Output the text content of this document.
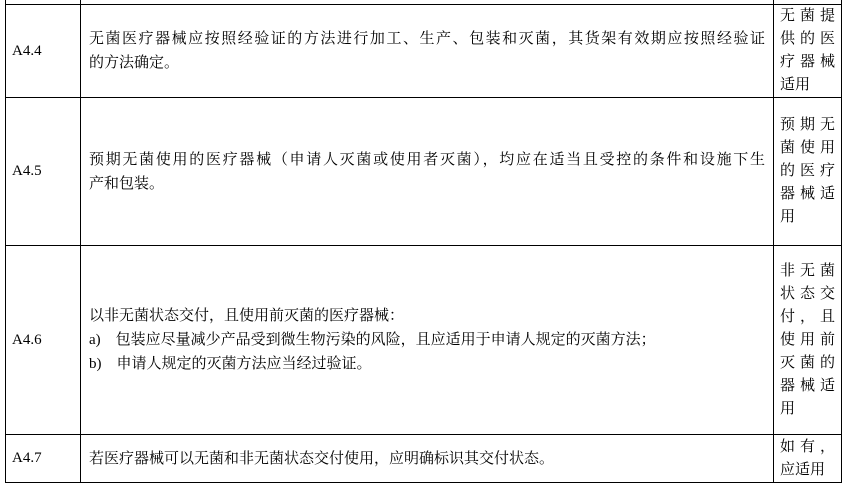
A4.4	无菌医疗器械应按照经验证的方法进行加工、生产、包装和灭菌，其货架有效期应按照经验证
的方法确定。	无菌提供的医疗器械适用

A4.5	预期无菌使用的医疗器械（申请人灭菌或使用者灭菌），均应在适当且受控的条件和设施下生
产和包装。	预期无菌使用的医疗器械适用

A4.6	以非无菌状态交付，且使用前灭菌的医疗器械：
a)　包装应尽量减少产品受到微生物污染的风险，且应适用于申请人规定的灭菌方法；
b)　申请人规定的灭菌方法应当经过验证。	非无菌状态交付，且使用前灭菌的器械适用

A4.7	若医疗器械可以无菌和非无菌状态交付使用，应明确标识其交付状态。	如有，应适用
